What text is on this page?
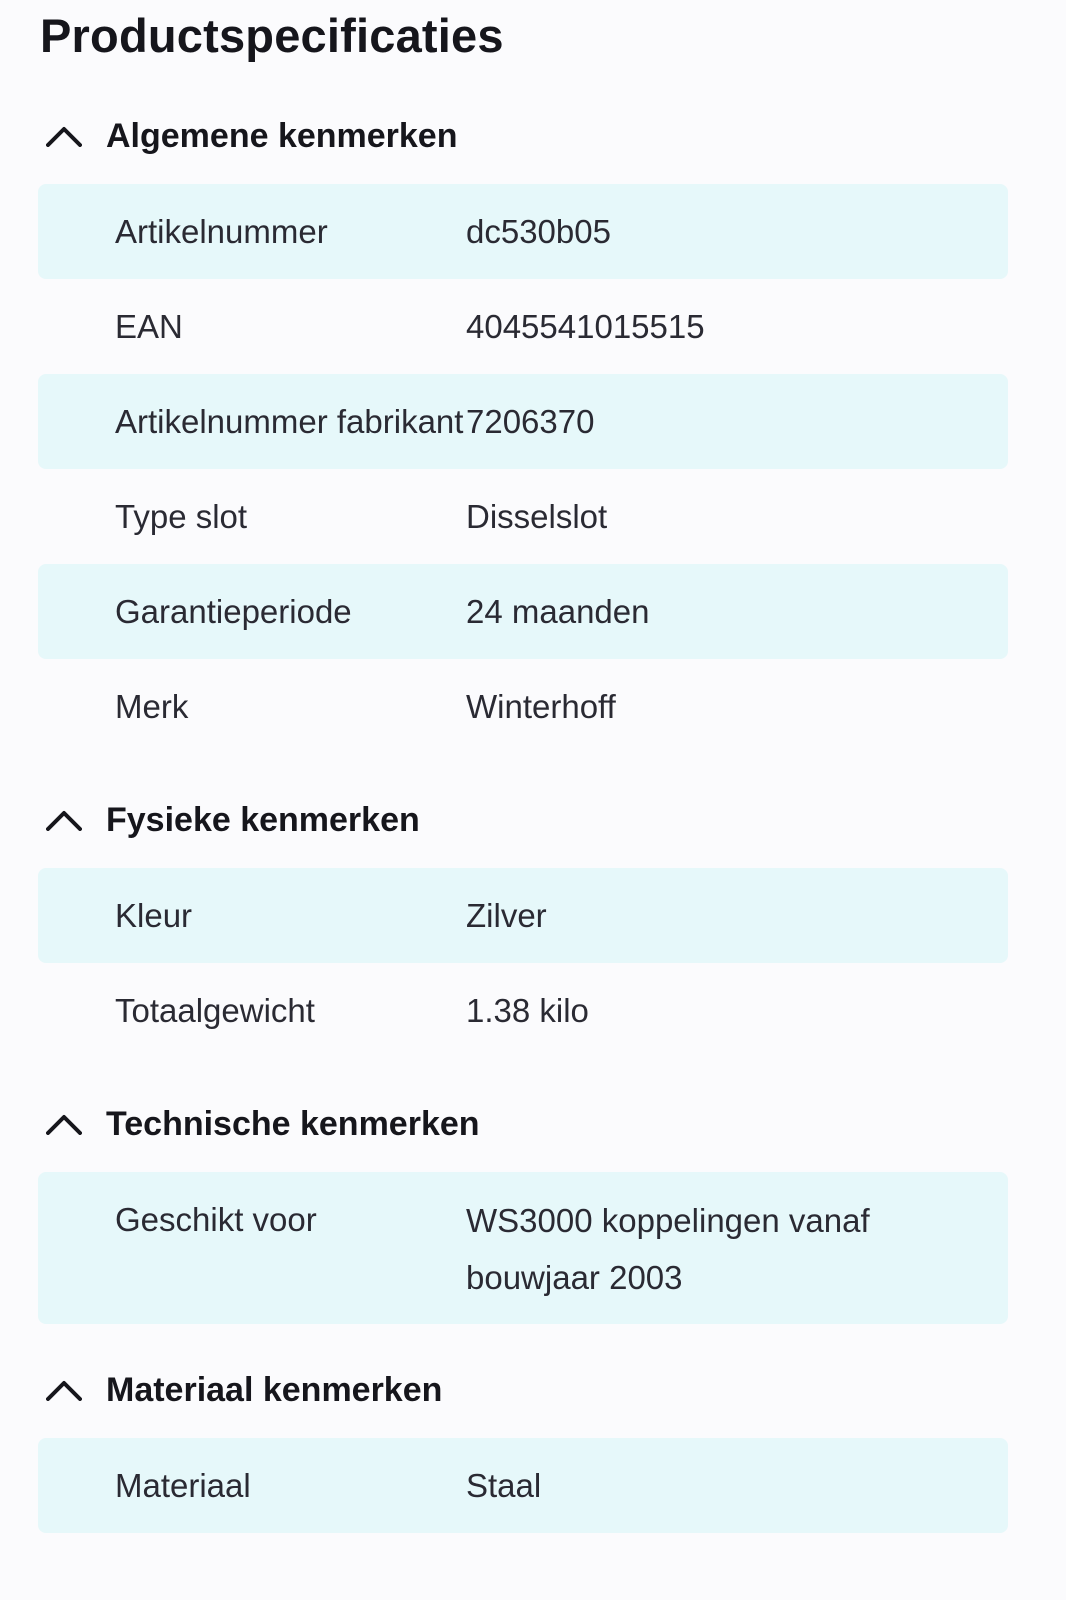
Productspecificaties
Algemene kenmerken
Artikelnummer	dc530b05
EAN	4045541015515
Artikelnummer fabrikant 7206370
Type slot	Disselslot
Garantieperiode	24 maanden
Merk	Winterhoff
Fysieke kenmerken
Kleur	Zilver
Totaalgewicht	1.38 kilo
Technische kenmerken
Geschikt voor	WS3000 koppelingen vanaf bouwjaar 2003
Materiaal kenmerken
Materiaal	Staal
